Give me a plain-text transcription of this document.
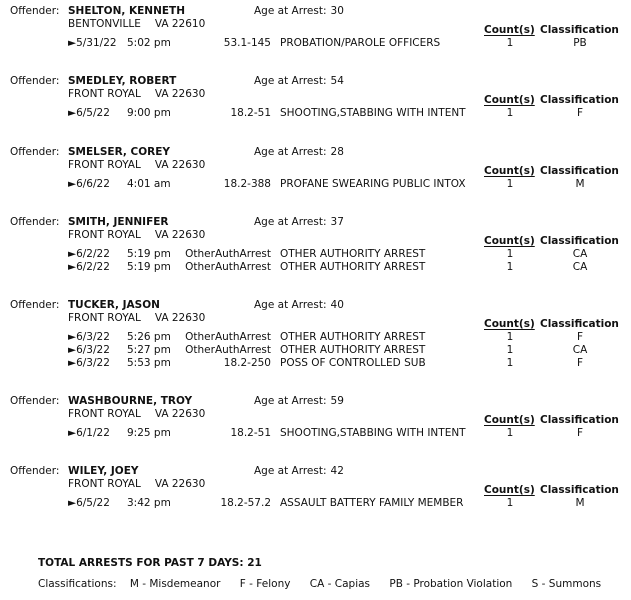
Offender: SHELTON, KENNETH
BENTONVILLE VA 22610
Age at Arrest: 30
Count(s) Classification
►5/31/22 5:02 pm	53.1-145 PROBATION/PAROLE OFFICERS	1	PB
Offender: SMEDLEY, ROBERT
FRONT ROYAL VA 22630
Age at Arrest: 54
Count(s) Classification
►6/5/22 9:00 pm	18.2-51 SHOOTING,STABBING WITH INTENT	1	F
Offender: SMELSER, COREY
FRONT ROYAL VA 22630
Age at Arrest: 28
Count(s) Classification
►6/6/22 4:01 am	18.2-388 PROFANE SWEARING PUBLIC INTOX	1	M
Offender: SMITH, JENNIFER
FRONT ROYAL VA 22630
Age at Arrest: 37
Count(s) Classification
►6/2/22 5:19 pm	OtherAuthArrest OTHER AUTHORITY ARREST	1	CA
►6/2/22 5:19 pm	OtherAuthArrest OTHER AUTHORITY ARREST	1	CA
Offender: TUCKER, JASON
FRONT ROYAL VA 22630
Age at Arrest: 40
Count(s) Classification
►6/3/22 5:26 pm	OtherAuthArrest OTHER AUTHORITY ARREST	1	F
►6/3/22 5:27 pm	OtherAuthArrest OTHER AUTHORITY ARREST	1	CA
►6/3/22 5:53 pm	18.2-250 POSS OF CONTROLLED SUB	1	F
Offender: WASHBOURNE, TROY
FRONT ROYAL VA 22630
Age at Arrest: 59
Count(s) Classification
►6/1/22 9:25 pm	18.2-51 SHOOTING,STABBING WITH INTENT	1	F
Offender: WILEY, JOEY
FRONT ROYAL VA 22630
Age at Arrest: 42
Count(s) Classification
►6/5/22 3:42 pm	18.2-57.2 ASSAULT BATTERY FAMILY MEMBER	1	M
TOTAL ARRESTS FOR PAST 7 DAYS: 21
Classifications: M - Misdemeanor F - Felony CA - Capias PB - Probation Violation S - Summons
